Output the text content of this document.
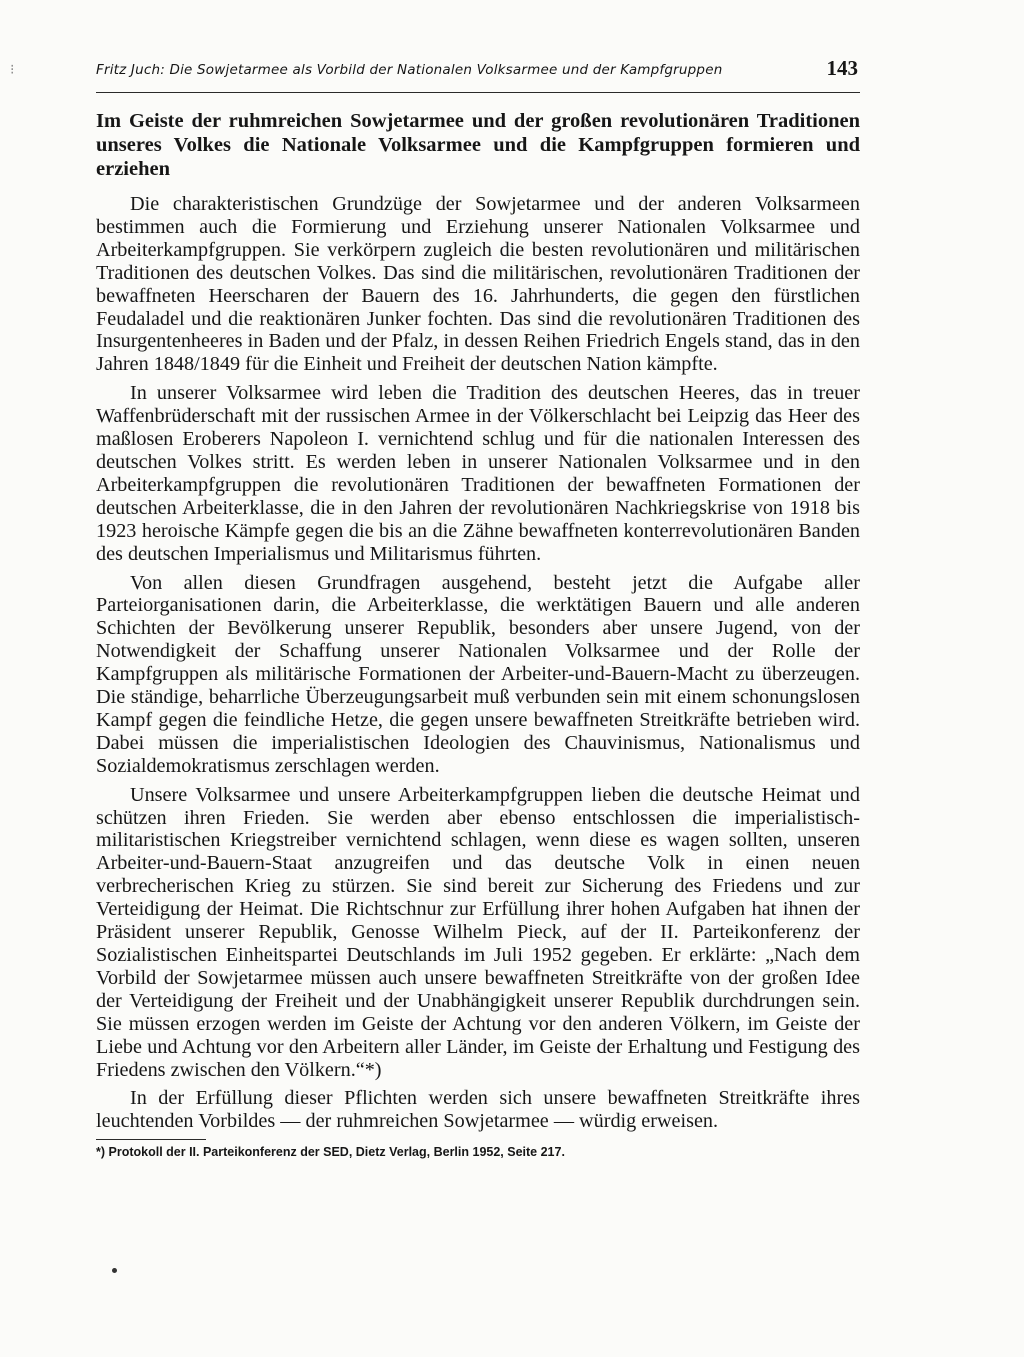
⁝	Fritz Juch: Die Sowjetarmee als Vorbild der Nationalen Volksarmee und der Kampfgruppen	143
Im Geiste der ruhmreichen Sowjetarmee und der großen revolutionären Traditionen unseres Volkes die Nationale Volksarmee und die Kampfgruppen formieren und erziehen

Die charakteristischen Grundzüge der Sowjetarmee und der anderen Volksarmeen bestimmen auch die Formierung und Erziehung unserer Nationalen Volksarmee und Arbeiterkampfgruppen. Sie verkörpern zugleich die besten revolutionären und militärischen Traditionen des deutschen Volkes. Das sind die militärischen, revolutionären Traditionen der bewaffneten Heerscharen der Bauern des 16. Jahrhunderts, die gegen den fürstlichen Feudaladel und die reaktionären Junker fochten. Das sind die revolutionären Traditionen des Insurgentenheeres in Baden und der Pfalz, in dessen Reihen Friedrich Engels stand, das in den Jahren 1848/1849 für die Einheit und Freiheit der deutschen Nation kämpfte.

In unserer Volksarmee wird leben die Tradition des deutschen Heeres, das in treuer Waffenbrüderschaft mit der russischen Armee in der Völkerschlacht bei Leipzig das Heer des maßlosen Eroberers Napoleon I. vernichtend schlug und für die nationalen Interessen des deutschen Volkes stritt. Es werden leben in unserer Nationalen Volksarmee und in den Arbeiterkampfgruppen die revolutionären Traditionen der bewaffneten Formationen der deutschen Arbeiterklasse, die in den Jahren der revolutionären Nachkriegskrise von 1918 bis 1923 heroische Kämpfe gegen die bis an die Zähne bewaffneten konterrevolutionären Banden des deutschen Imperialismus und Militarismus führten.

Von allen diesen Grundfragen ausgehend, besteht jetzt die Aufgabe aller Parteiorganisationen darin, die Arbeiterklasse, die werktätigen Bauern und alle anderen Schichten der Bevölkerung unserer Republik, besonders aber unsere Jugend, von der Notwendigkeit der Schaffung unserer Nationalen Volksarmee und der Rolle der Kampfgruppen als militärische Formationen der Arbeiter-und-Bauern-Macht zu überzeugen. Die ständige, beharrliche Überzeugungsarbeit muß verbunden sein mit einem schonungslosen Kampf gegen die feindliche Hetze, die gegen unsere bewaffneten Streitkräfte betrieben wird. Dabei müssen die imperialistischen Ideologien des Chauvinismus, Nationalismus und Sozialdemokratismus zerschlagen werden.

Unsere Volksarmee und unsere Arbeiterkampfgruppen lieben die deutsche Heimat und schützen ihren Frieden. Sie werden aber ebenso entschlossen die imperialistisch-militaristischen Kriegstreiber vernichtend schlagen, wenn diese es wagen sollten, unseren Arbeiter-und-Bauern-Staat anzugreifen und das deutsche Volk in einen neuen verbrecherischen Krieg zu stürzen. Sie sind bereit zur Sicherung des Friedens und zur Verteidigung der Heimat. Die Richtschnur zur Erfüllung ihrer hohen Aufgaben hat ihnen der Präsident unserer Republik, Genosse Wilhelm Pieck, auf der II. Parteikonferenz der Sozialistischen Einheitspartei Deutschlands im Juli 1952 gegeben. Er erklärte: „Nach dem Vorbild der Sowjetarmee müssen auch unsere bewaffneten Streitkräfte von der großen Idee der Verteidigung der Freiheit und der Unabhängigkeit unserer Republik durchdrungen sein. Sie müssen erzogen werden im Geiste der Achtung vor den anderen Völkern, im Geiste der Liebe und Achtung vor den Arbeitern aller Länder, im Geiste der Erhaltung und Festigung des Friedens zwischen den Völkern.“*)

In der Erfüllung dieser Pflichten werden sich unsere bewaffneten Streitkräfte ihres leuchtenden Vorbildes — der ruhmreichen Sowjetarmee — würdig erweisen.

*) Protokoll der II. Parteikonferenz der SED, Dietz Verlag, Berlin 1952, Seite 217.
